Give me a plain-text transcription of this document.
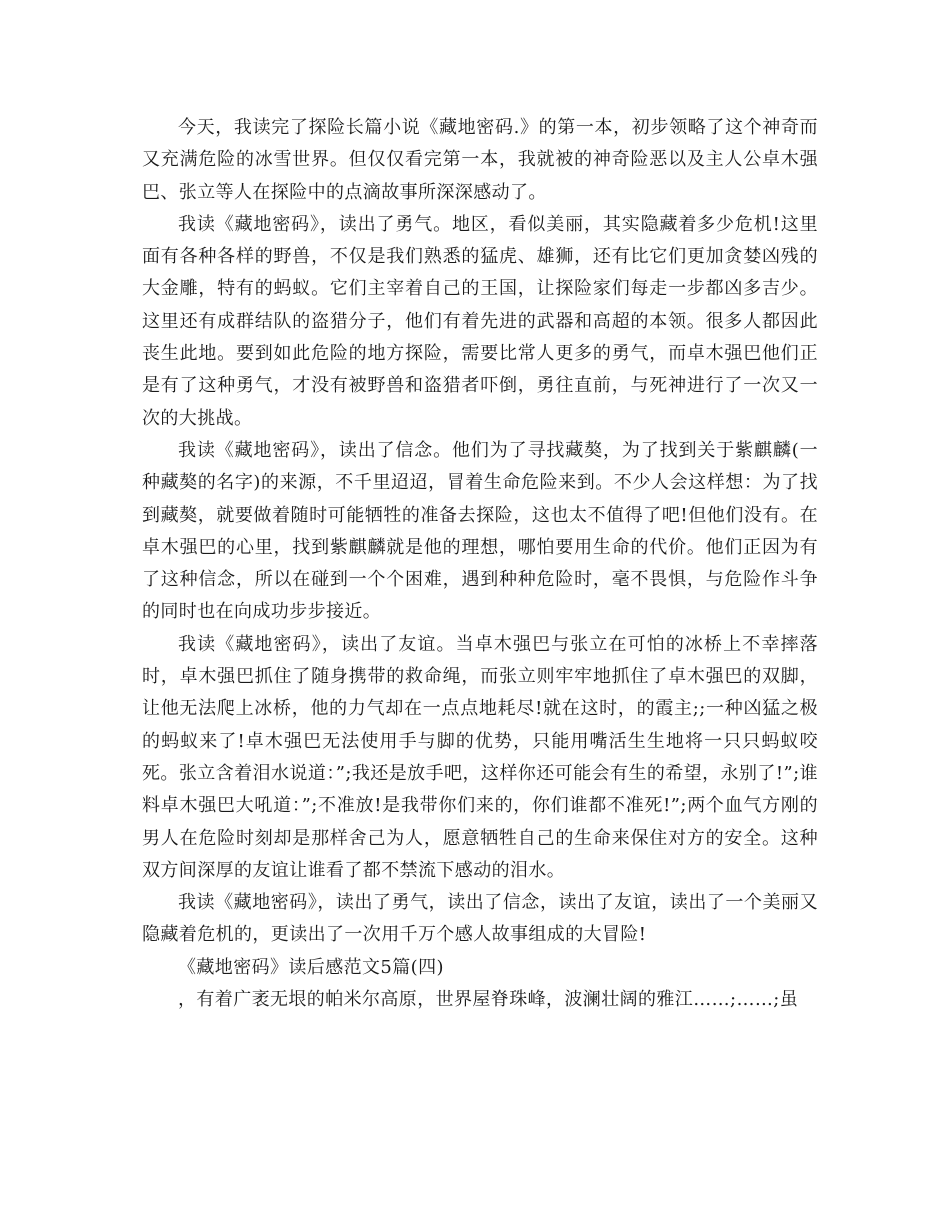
今天，我读完了探险长篇小说《藏地密码.》的第一本，初步领略了这个神奇而又充满危险的冰雪世界。但仅仅看完第一本，我就被的神奇险恶以及主人公卓木强巴、张立等人在探险中的点滴故事所深深感动了。

我读《藏地密码》，读出了勇气。地区，看似美丽，其实隐藏着多少危机!这里面有各种各样的野兽，不仅是我们熟悉的猛虎、雄狮，还有比它们更加贪婪凶残的大金雕，特有的蚂蚁。它们主宰着自己的王国，让探险家们每走一步都凶多吉少。这里还有成群结队的盗猎分子，他们有着先进的武器和高超的本领。很多人都因此丧生此地。要到如此危险的地方探险，需要比常人更多的勇气，而卓木强巴他们正是有了这种勇气，才没有被野兽和盗猎者吓倒，勇往直前，与死神进行了一次又一次的大挑战。

我读《藏地密码》，读出了信念。他们为了寻找藏獒，为了找到关于紫麒麟(一种藏獒的名字)的来源，不千里迢迢，冒着生命危险来到。不少人会这样想：为了找到藏獒，就要做着随时可能牺牲的准备去探险，这也太不值得了吧!但他们没有。在卓木强巴的心里，找到紫麒麟就是他的理想，哪怕要用生命的代价。他们正因为有了这种信念，所以在碰到一个个困难，遇到种种危险时，毫不畏惧，与危险作斗争的同时也在向成功步步接近。

我读《藏地密码》，读出了友谊。当卓木强巴与张立在可怕的冰桥上不幸摔落时，卓木强巴抓住了随身携带的救命绳，而张立则牢牢地抓住了卓木强巴的双脚，让他无法爬上冰桥，他的力气却在一点点地耗尽!就在这时，的霞主;;一种凶猛之极的蚂蚁来了!卓木强巴无法使用手与脚的优势，只能用嘴活生生地将一只只蚂蚁咬死。张立含着泪水说道：”;我还是放手吧，这样你还可能会有生的希望，永别了!”;谁料卓木强巴大吼道：”;不准放!是我带你们来的，你们谁都不准死!”;两个血气方刚的男人在危险时刻却是那样舍己为人，愿意牺牲自己的生命来保住对方的安全。这种双方间深厚的友谊让谁看了都不禁流下感动的泪水。

我读《藏地密码》，读出了勇气，读出了信念，读出了友谊，读出了一个美丽又隐藏着危机的，更读出了一次用千万个感人故事组成的大冒险!

《藏地密码》读后感范文5篇(四)

，有着广袤无垠的帕米尔高原，世界屋脊珠峰，波澜壮阔的雅江……;……;虽
